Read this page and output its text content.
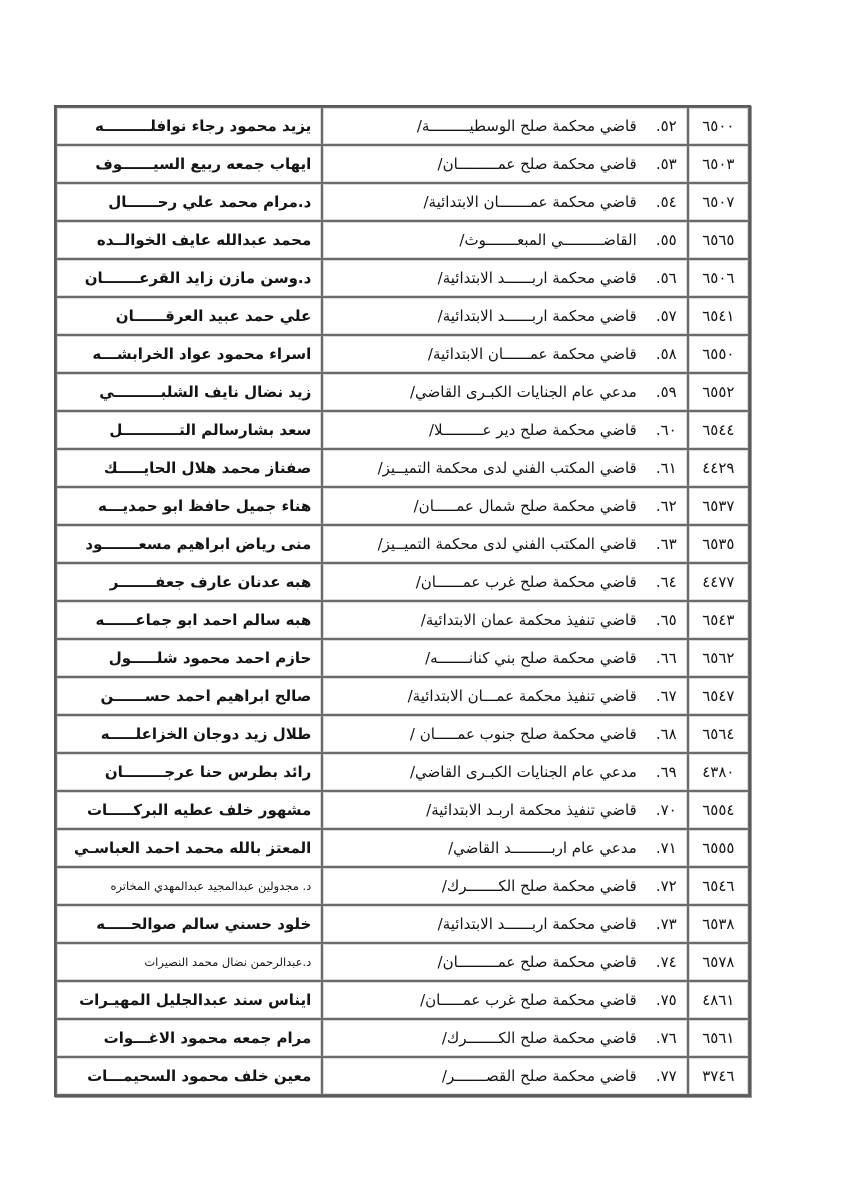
٦٥٠٠	٥٢.قاضي محكمة صلح الوسطيـــــــــة/	يزيد محمود رجاء نوافلـــــــــه
٦٥٠٣	٥٣.قاضي محكمة صلح عمـــــــــان/	ايهاب جمعه ربيع السيــــــوف
٦٥٠٧	٥٤.قاضي محكمة عمـــــــان الابتدائية/	د.مرام محمد علي رحــــــال
٦٥٦٥	٥٥.القاضـــــــــي المبعـــــــوث/	محمد عبدالله عايف الخوالــده
٦٥٠٦	٥٦.قاضي محكمة اربــــــد الابتدائية/	د.وسن مازن زايد القرعـــــــان
٦٥٤١	٥٧.قاضي محكمة اربــــــد الابتدائية/	علي حمد عبيد العرقــــــان
٦٥٥٠	٥٨.قاضي محكمة عمــــــان الابتدائية/	اسراء محمود عواد الخرابشـــه
٦٥٥٢	٥٩.مدعي عام الجنايات الكبـرى القاضي/	زيد نضال نايف الشلبـــــــــي
٦٥٤٤	٦٠.قاضي محكمة صلح دير عـــــــــلا/	سعد بشارسالم التـــــــــــل
٤٤٢٩	٦١.قاضي المكتب الفني لدى محكمة التميــيز/	صفناز محمد هلال الحايـــــك
٦٥٣٧	٦٢.قاضي محكمة صلح شمال عمـــــان/	هناء جميل حافظ ابو حمديـــه
٦٥٣٥	٦٣.قاضي المكتب الفني لدى محكمة التميــيز/	منى رياض ابراهيم مسعـــــــود
٤٤٧٧	٦٤.قاضي محكمة صلح غرب عمــــــان/	هبه عدنان عارف جعفـــــــر
٦٥٤٣	٦٥.قاضي تنفيذ محكمة عمان الابتدائية/	هبه سالم احمد ابو جماعــــــه
٦٥٦٢	٦٦.قاضي محكمة صلح بني كنانـــــــه/	حازم احمد محمود شلـــــول
٦٥٤٧	٦٧.قاضي تنفيذ محكمة عمـــان الابتدائية/	صالح ابراهيم احمد حســــــن
٦٥٦٤	٦٨.قاضي محكمة صلح جنوب عمـــــان /	طلال زيد دوجان الخزاعلـــــه
٤٣٨٠	٦٩.مدعي عام الجنايات الكبـرى القاضي/	رائد بطرس حنا عرجــــــــان
٦٥٥٤	٧٠.قاضي تنفيذ محكمة اربـد الابتدائية/	مشهور خلف عطيه البركـــــات
٦٥٥٥	٧١.مدعي عام اربـــــــــد القاضي/	المعتز بالله محمد احمد العباسـي
٦٥٤٦	٧٢.قاضي محكمة صلح الكـــــــرك/	د. مجدولين عبدالمجيد عبدالمهدي المخاتره
٦٥٣٨	٧٣.قاضي محكمة اربــــــد الابتدائية/	خلود حسني سالم صوالحـــــه
٦٥٧٨	٧٤.قاضي محكمة صلح عمـــــــــان/	د.عبدالرحمن نضال محمد النصيرات
٤٨٦١	٧٥.قاضي محكمة صلح غرب عمـــــان/	ايناس سند عبدالجليل المهيـرات
٦٥٦١	٧٦.قاضي محكمة صلح الكـــــــرك/	مرام جمعه محمود الاغـــوات
٣٧٤٦	٧٧.قاضي محكمة صلح القصـــــــر/	معين خلف محمود السحيمـــات
